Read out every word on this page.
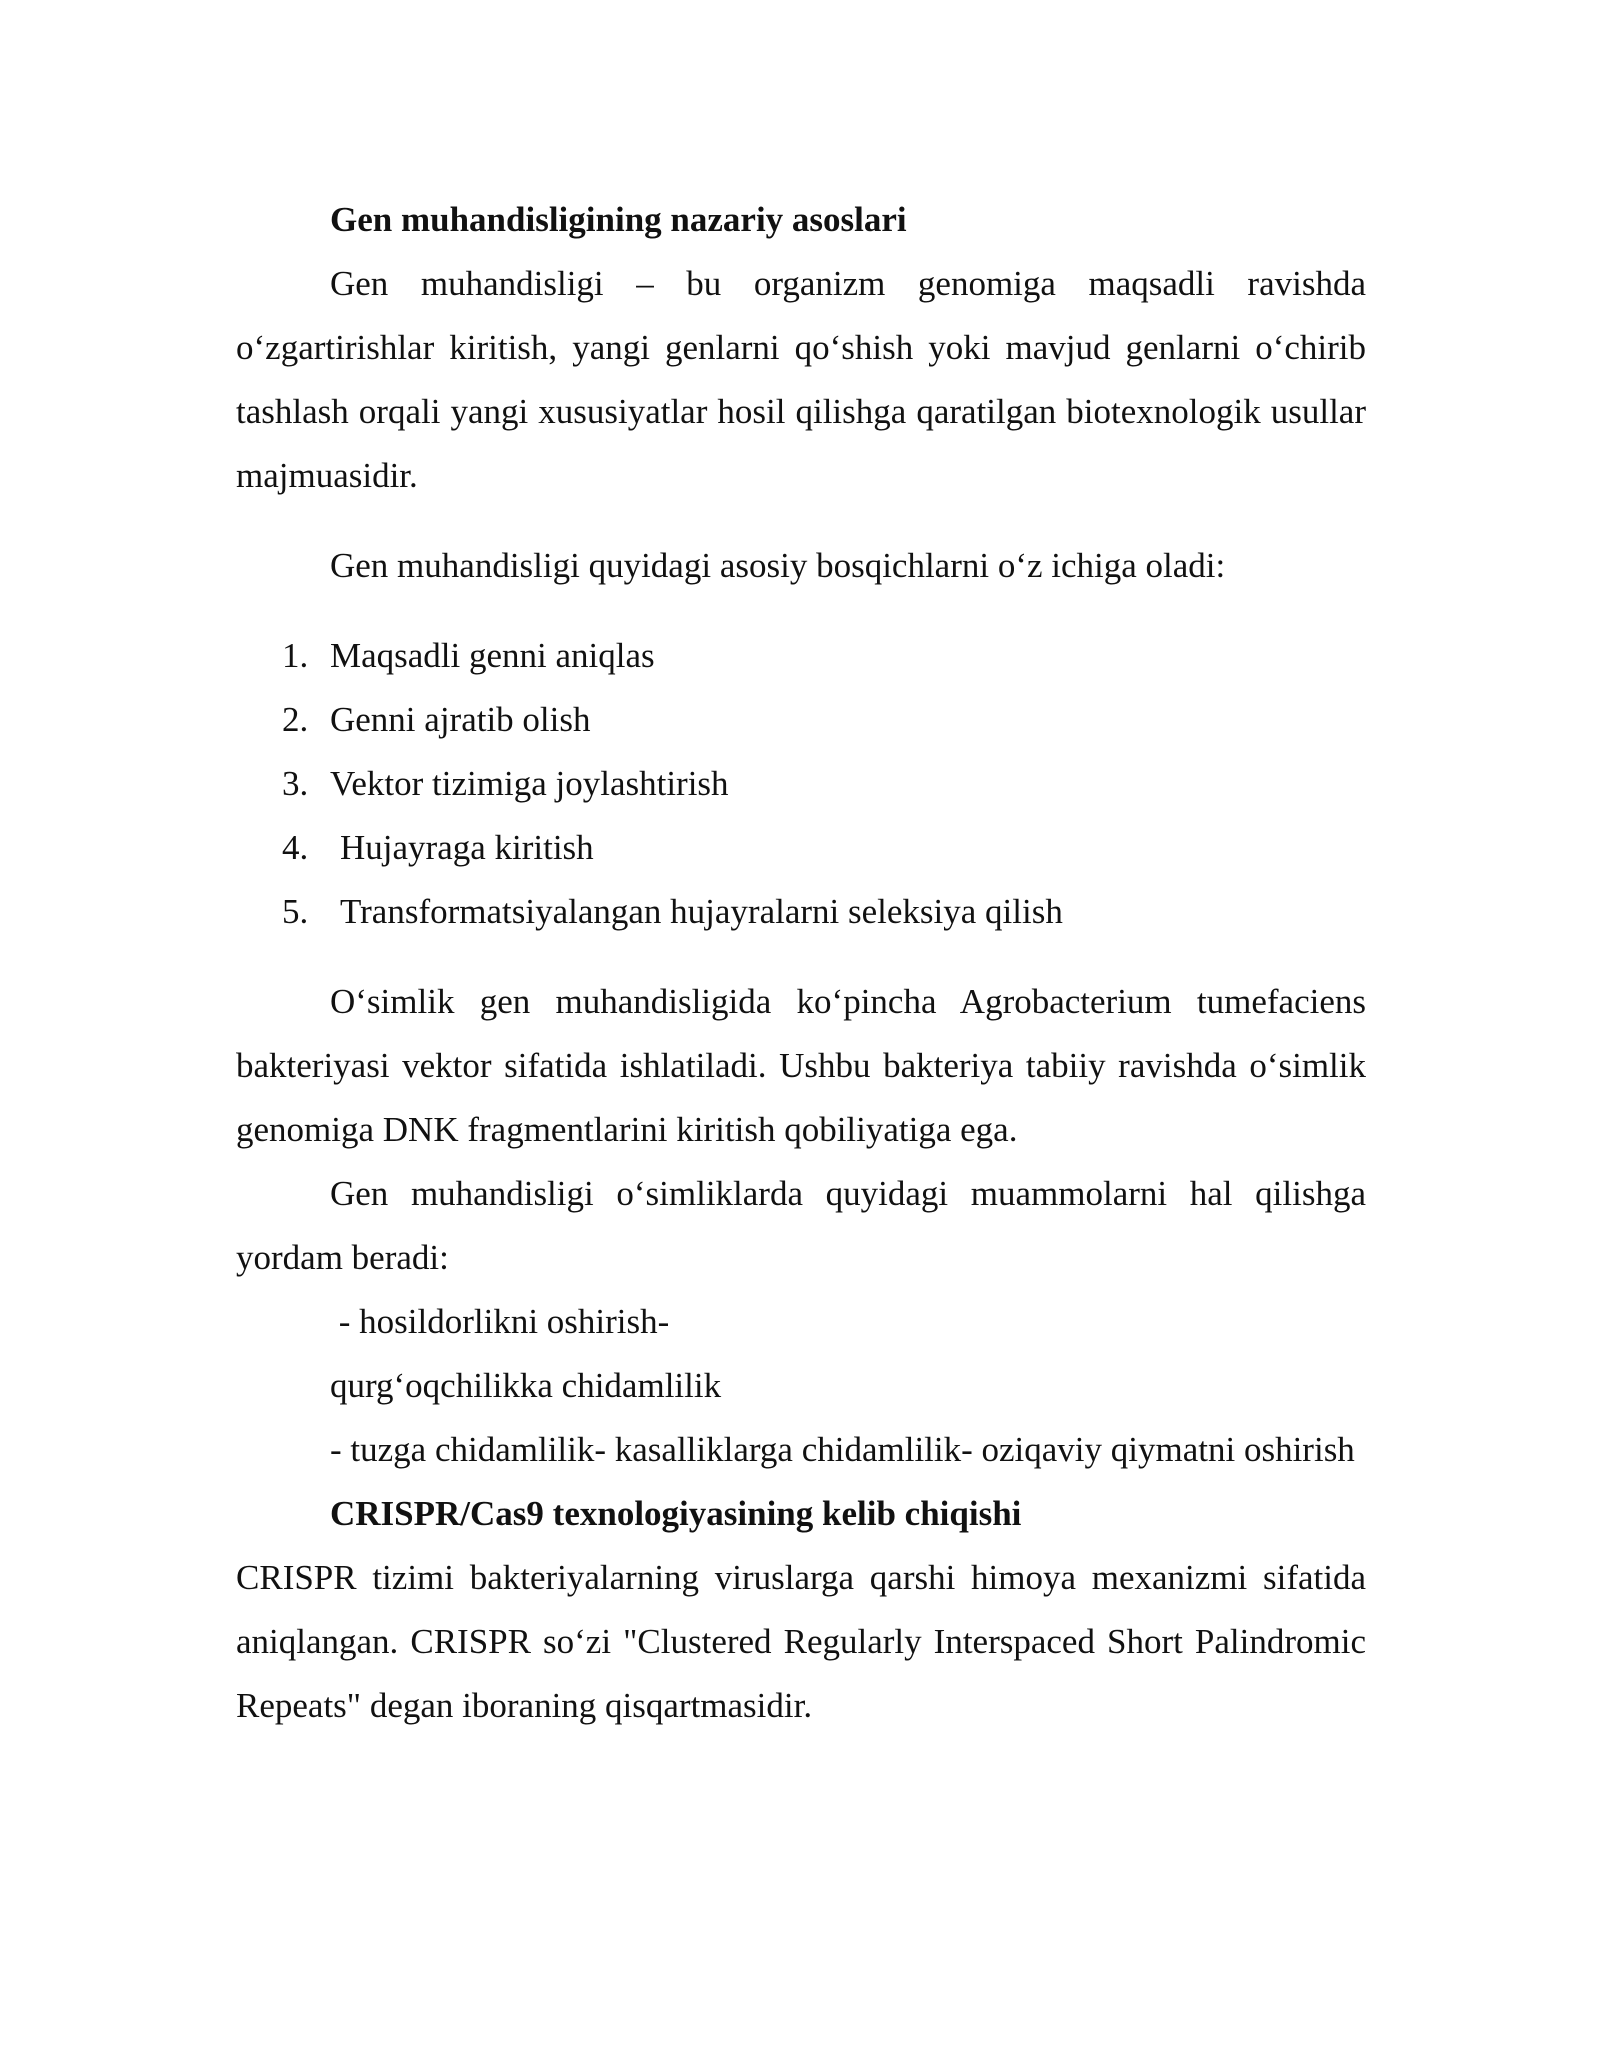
Gen muhandisligining nazariy asoslari

Gen muhandisligi – bu organizm genomiga maqsadli ravishda o‘zgartirishlar kiritish, yangi genlarni qo‘shish yoki mavjud genlarni o‘chirib tashlash orqali yangi xususiyatlar hosil qilishga qaratilgan biotexnologik usullar majmuasidir.

Gen muhandisligi quyidagi asosiy bosqichlarni o‘z ichiga oladi:

1. Maqsadli genni aniqlas
2. Genni ajratib olish
3. Vektor tizimiga joylashtirish
4. Hujayraga kiritish
5. Transformatsiyalangan hujayralarni seleksiya qilish

O‘simlik gen muhandisligida ko‘pincha Agrobacterium tumefaciens bakteriyasi vektor sifatida ishlatiladi. Ushbu bakteriya tabiiy ravishda o‘simlik genomiga DNK fragmentlarini kiritish qobiliyatiga ega.

Gen muhandisligi o‘simliklarda quyidagi muammolarni hal qilishga yordam beradi:

- hosildorlikni oshirish-

qurg‘oqchilikka chidamlilik

- tuzga chidamlilik- kasalliklarga chidamlilik- oziqaviy qiymatni oshirish

CRISPR/Cas9 texnologiyasining kelib chiqishi

CRISPR tizimi bakteriyalarning viruslarga qarshi himoya mexanizmi sifatida aniqlangan. CRISPR so‘zi "Clustered Regularly Interspaced Short Palindromic Repeats" degan iboraning qisqartmasidir.
